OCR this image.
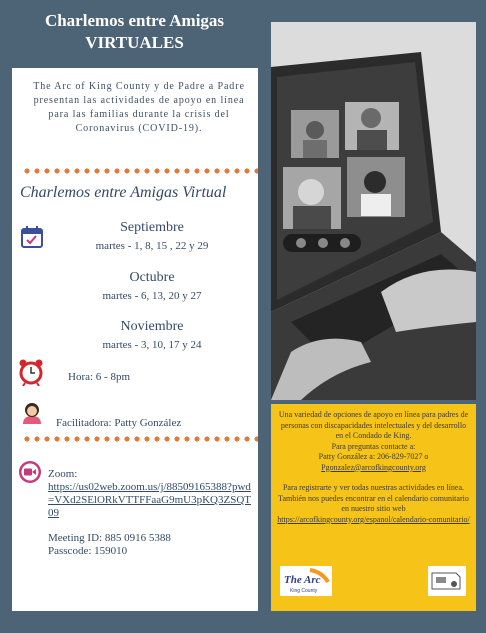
Charlemos entre Amigas
VIRTUALES
The Arc of King County y de Padre a Padre presentan las actividades de apoyo en línea para las familias durante la crisis del Coronavirus (COVID-19).
Charlemos entre Amigas Virtual
Septiembre
martes - 1, 8, 15 , 22 y 29
Octubre
martes - 6, 13, 20 y 27
Noviembre
martes - 3, 10, 17 y 24
Hora: 6 - 8pm
Facilitadora: Patty González
Zoom:
https://us02web.zoom.us/j/88509165388?pwd=VXd2SElORkVTTFFaaG9mU3pKQ3ZSQT09
Meeting ID: 885 0916 5388
Passcode: 159010

Una variedad de opciones de apoyo en línea para padres de personas con discapacidades intelectuales y del desarrollo en el Condado de King.

Para preguntas contacte a:

Patty González a: 206-829-7027 o

Pgonzalez@arcofkingcounty.org

Para registrarte y ver todas nuestras actividades en línea. También nos puedes encontrar en el calendario comunitario en nuestro sitio web

https://arcofkingcounty.org/espanol/calendario-comunitario/

The Arc
King County
